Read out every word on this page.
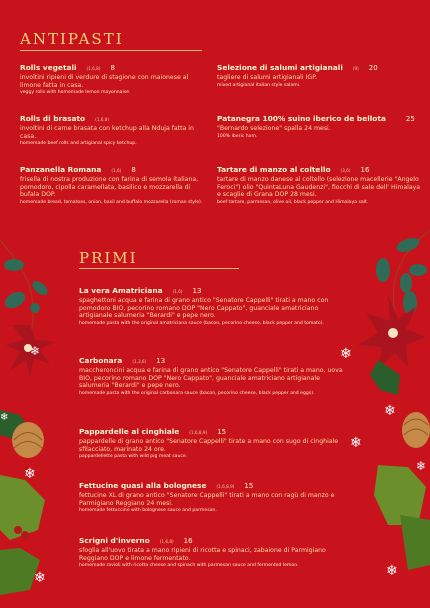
ANTIPASTI
Rolls vegetali (1,6,8) 8
involtini ripieni di verdure di stagione con maionese al limone fatta in casa.
veggy rolls with homemade lemon mayonnaise.
Selezione di salumi artigianali (9) 20
tagliere di salumi artigianali IGP.
mixed artigianal italian style salami.
Rolls di brasato (1,6,8)
involtini di carne brasata con ketchup alla Nduja fatta in casa.
homemade beef rolls and artigianal spicy ketchup.
Patanegra 100% suino iberico de bellota	25
"Bernardo selezione" spalla 24 mesi.
100% iberic ham.
Panzanella Romana (1,6) 8
frisella di nostra produzione con farina di semola italiana, pomodoro, cipolla caramellata, basilico e mozzarella di bufala DOP.
homemade bread, tomatoes, onion, basil and buffalo mozzarella (roman style).
Tartare di manzo al coltello (3,6) 16
tartare di manzo danese al coltello (selezione macellerie "Angelo Feroci") olio "QuintaLuna Gaudenzi", fiocchi di sale dell' Himalaya e scaglie di Grana DOP 28 mesi.
beef tartare, parmesan, olive oil, black pepper and Himalaya salt.
PRIMI
La vera Amatriciana (1,6) 13
spaghettoni acqua e farina di grano antico "Senatore Cappelli" tirati a mano con pomodoro BIO, pecorino romano DOP "Nero Cappato", guanciale amatriciano artigianale salumeria "Berardi" e pepe nero.
homemade pasta with the original amatriciana sauce (bacon, pecorino cheese, black pepper and tomato).
Carbonara (1,3,6) 13
maccheroncini acqua e farina di grano antico "Senatore Cappelli" tirati a mano, uova BIO, pecorino romano DOP "Nero Cappato", guanciale amatriciano artigianale salumeria "Berardi" e pepe nero.
homemade pasta with the original carbonara sauce (bacon, pecorino cheese, black pepper and eggs).
Pappardelle al cinghiale (1,6,8,9) 15
pappardelle di grano antico "Senatore Cappelli" tirate a mano con sugo di cinghiale sfilacciato, marinato 24 ore.
pappardellette pasta with wild pig meat sauce.
Fettucine quasi alla bolognese (1,6,8,9) 15
fettucine XL di grano antico "Senatore Cappelli" tirati a mano con ragù di manzo e Parmigiano Reggiano 24 mesi.
homemade fettuccine with bolognese sauce and parmesan.
Scrigni d'inverno (1,6,8) 16
sfoglia all'uovo tirata a mano ripieni di ricotta e spinaci, zabaione di Parmigiano Reggiano DOP e limone fermentato.
homemade ravioli with ricotta cheese and spinach with parmesan sauce and fermented lemon.
❄
❄
❄
❄
❄
❄
❄
❄
❄
